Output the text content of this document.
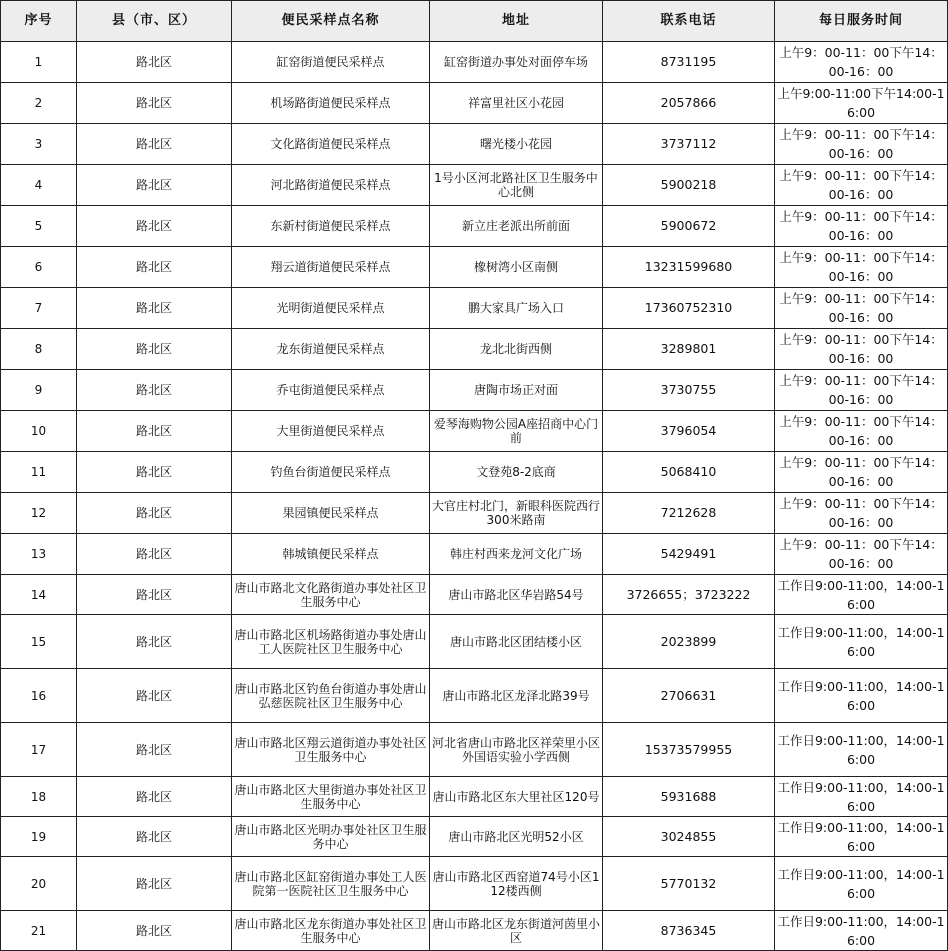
序号	县（市、区）	便民采样点名称	地址	联系电话	每日服务时间
1	路北区	缸窑街道便民采样点	缸窑街道办事处对面停车场	8731195	上午9：00-11：00下午14：00-16：00
2	路北区	机场路街道便民采样点	祥富里社区小花园	2057866	上午9:00-11:00下午14:00-16:00
3	路北区	文化路街道便民采样点	曙光楼小花园	3737112	上午9：00-11：00下午14：00-16：00
4	路北区	河北路街道便民采样点	1号小区河北路社区卫生服务中心北侧	5900218	上午9：00-11：00下午14：00-16：00
5	路北区	东新村街道便民采样点	新立庄老派出所前面	5900672	上午9：00-11：00下午14：00-16：00
6	路北区	翔云道街道便民采样点	橡树湾小区南侧	13231599680	上午9：00-11：00下午14：00-16：00
7	路北区	光明街道便民采样点	鹏大家具广场入口	17360752310	上午9：00-11：00下午14：00-16：00
8	路北区	龙东街道便民采样点	龙北北街西侧	3289801	上午9：00-11：00下午14：00-16：00
9	路北区	乔屯街道便民采样点	唐陶市场正对面	3730755	上午9：00-11：00下午14：00-16：00
10	路北区	大里街道便民采样点	爱琴海购物公园A座招商中心门前	3796054	上午9：00-11：00下午14：00-16：00
11	路北区	钓鱼台街道便民采样点	文登苑8-2底商	5068410	上午9：00-11：00下午14：00-16：00
12	路北区	果园镇便民采样点	大官庄村北门，新眼科医院西行300米路南	7212628	上午9：00-11：00下午14：00-16：00
13	路北区	韩城镇便民采样点	韩庄村西来龙河文化广场	5429491	上午9：00-11：00下午14：00-16：00
14	路北区	唐山市路北文化路街道办事处社区卫生服务中心	唐山市路北区华岩路54号	3726655；3723222	工作日9:00-11:00，14:00-16:00
15	路北区	唐山市路北区机场路街道办事处唐山工人医院社区卫生服务中心	唐山市路北区团结楼小区	2023899	工作日9:00-11:00，14:00-16:00
16	路北区	唐山市路北区钓鱼台街道办事处唐山弘慈医院社区卫生服务中心	唐山市路北区龙泽北路39号	2706631	工作日9:00-11:00，14:00-16:00
17	路北区	唐山市路北区翔云道街道办事处社区卫生服务中心	河北省唐山市路北区祥荣里小区外国语实验小学西侧	15373579955	工作日9:00-11:00，14:00-16:00
18	路北区	唐山市路北区大里街道办事处社区卫生服务中心	唐山市路北区东大里社区120号	5931688	工作日9:00-11:00，14:00-16:00
19	路北区	唐山市路北区光明办事处社区卫生服务中心	唐山市路北区光明52小区	3024855	工作日9:00-11:00，14:00-16:00
20	路北区	唐山市路北区缸窑街道办事处工人医院第一医院社区卫生服务中心	唐山市路北区西窑道74号小区112楼西侧	5770132	工作日9:00-11:00，14:00-16:00
21	路北区	唐山市路北区龙东街道办事处社区卫生服务中心	唐山市路北区龙东街道河茵里小区	8736345	工作日9:00-11:00，14:00-16:00
